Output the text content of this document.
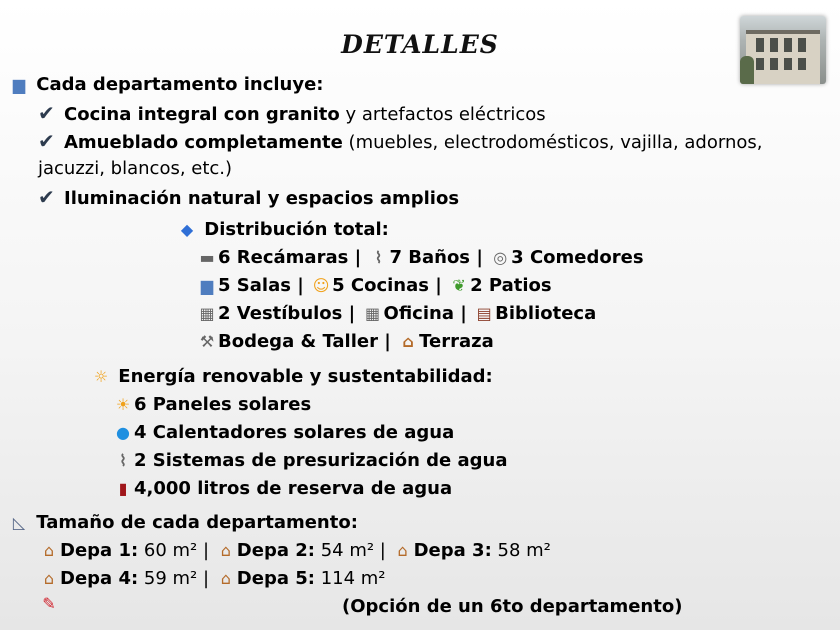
DETALLES
▆ Cada departamento incluye:
✔ Cocina integral con granito y artefactos eléctricos
✔ Amueblado completamente (muebles, electrodomésticos, vajilla, adornos,
jacuzzi, blancos, etc.)
✔ Iluminación natural y espacios amplios
◆ Distribución total:
▬ 6 Recámaras | ⌇ 7 Baños | ◎ 3 Comedores
▆ 5 Salas | ☺ 5 Cocinas | ❦ 2 Patios
▦ 2 Vestíbulos | ▦ Oficina | ▤ Biblioteca
⚒ Bodega & Taller | ⌂ Terraza
☼ Energía renovable y sustentabilidad:
☀ 6 Paneles solares
● 4 Calentadores solares de agua
⌇ 2 Sistemas de presurización de agua
▮ 4,000 litros de reserva de agua
◺ Tamaño de cada departamento:
⌂ Depa 1: 60 m² | ⌂ Depa 2: 54 m² | ⌂ Depa 3: 58 m²
⌂ Depa 4: 59 m² | ⌂ Depa 5: 114 m²
✎	(Opción de un 6to departamento)
